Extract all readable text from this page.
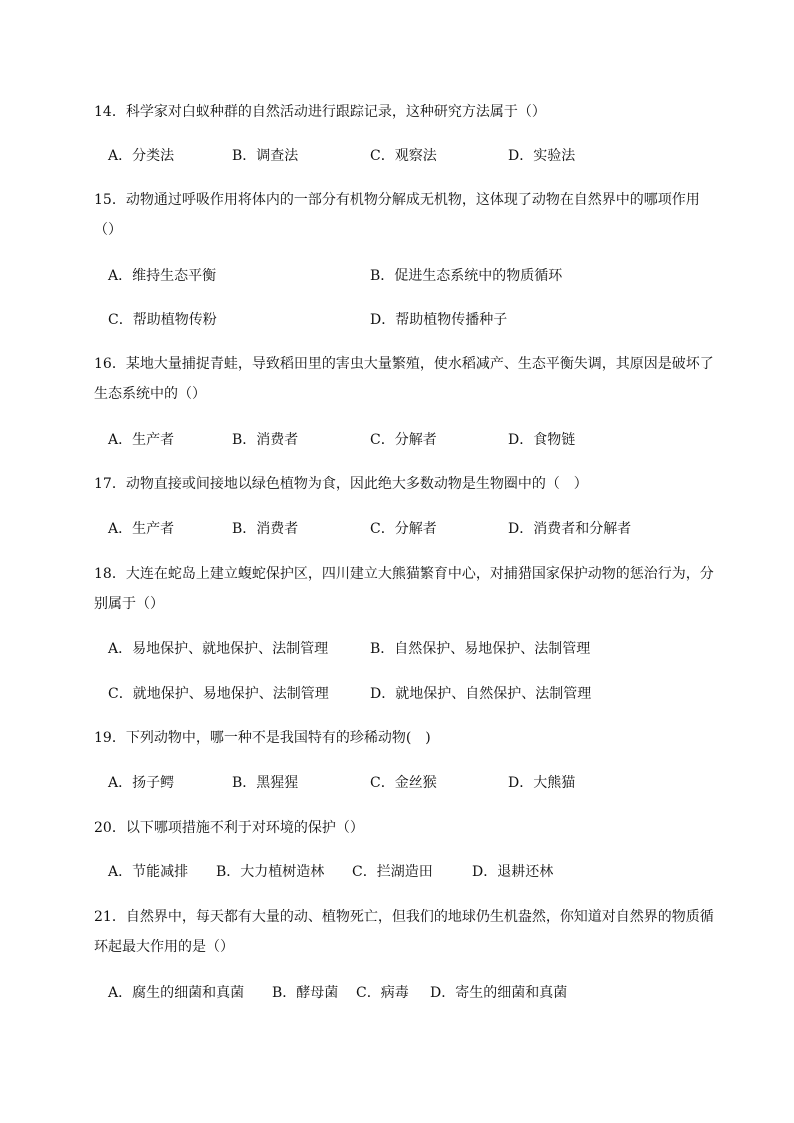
14．科学家对白蚁种群的自然活动进行跟踪记录，这种研究方法属于（）
A．分类法	B．调查法	C．观察法	D．实验法
15．动物通过呼吸作用将体内的一部分有机物分解成无机物，这体现了动物在自然界中的哪项作用（）
A．维持生态平衡	B．促进生态系统中的物质循环
C．帮助植物传粉	D．帮助植物传播种子
16．某地大量捕捉青蛙，导致稻田里的害虫大量繁殖，使水稻减产、生态平衡失调，其原因是破坏了生态系统中的（）
A．生产者	B．消费者	C．分解者	D．食物链
17．动物直接或间接地以绿色植物为食，因此绝大多数动物是生物圈中的（　）
A．生产者	B．消费者	C．分解者	D．消费者和分解者
18．大连在蛇岛上建立蝮蛇保护区，四川建立大熊猫繁育中心，对捕猎国家保护动物的惩治行为，分别属于（）
A．易地保护、就地保护、法制管理	B．自然保护、易地保护、法制管理
C．就地保护、易地保护、法制管理	D．就地保护、自然保护、法制管理
19．下列动物中，哪一种不是我国特有的珍稀动物(　)
A．扬子鳄	B．黑猩猩	C．金丝猴	D．大熊猫
20．以下哪项措施不利于对环境的保护（）
A．节能减排 B．大力植树造林 C．拦湖造田	D．退耕还林
21．自然界中，每天都有大量的动、植物死亡，但我们的地球仍生机盎然，你知道对自然界的物质循环起最大作用的是（）
A．腐生的细菌和真菌 B．酵母菌 C．病毒 D．寄生的细菌和真菌
